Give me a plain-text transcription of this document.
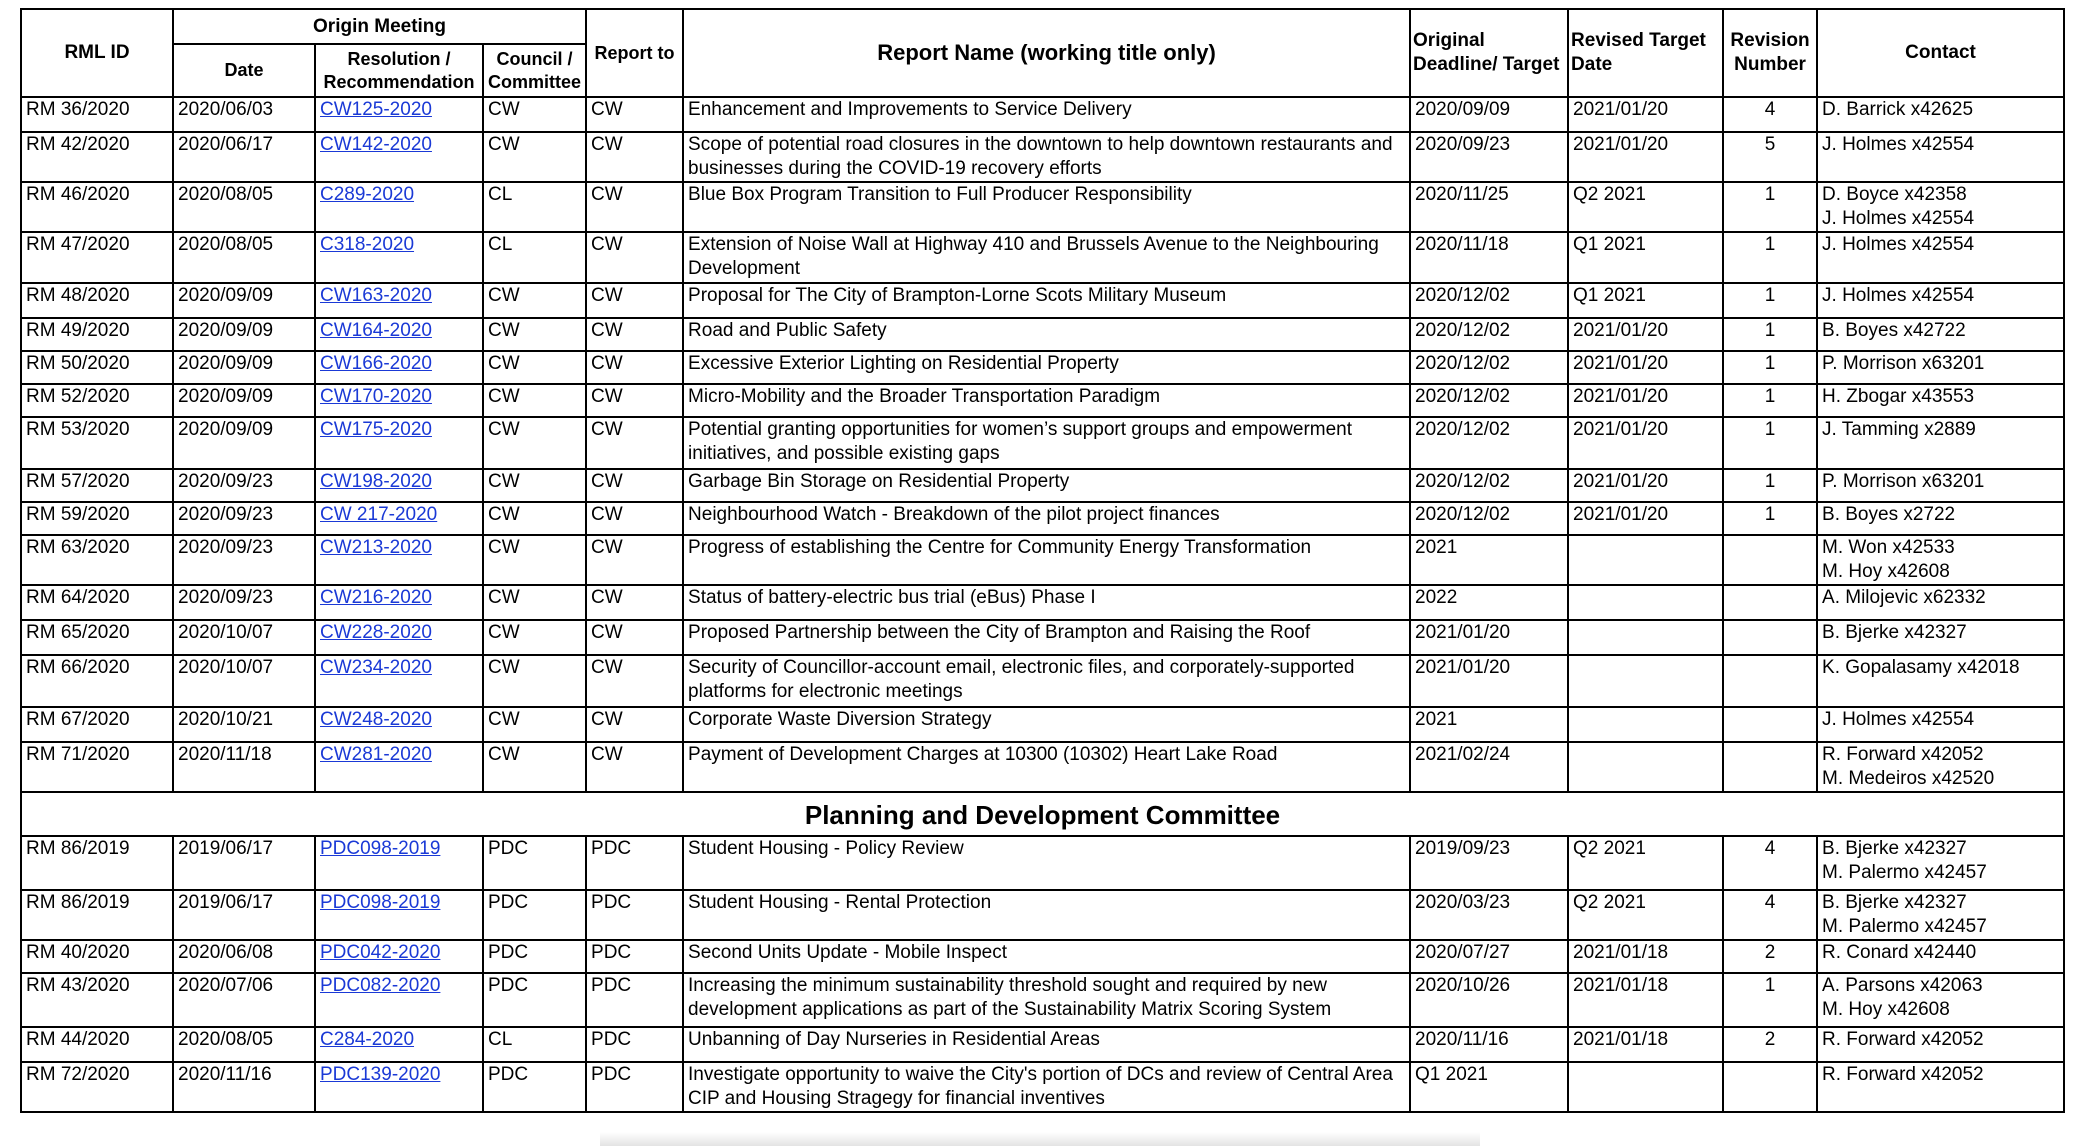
RML ID	Origin Meeting			Report to	Report Name (working title only)	Original Deadline/ Target	Revised Target Date	Revision Number	Contact
	Date	Resolution / Recommendation	Council / Committee						
RM 36/2020	2020/06/03	CW125-2020	CW	CW	Enhancement and Improvements to Service Delivery	2020/09/09	2021/01/20	4	D. Barrick x42625

RM 42/2020	2020/06/17	CW142-2020	CW	CW	Scope of potential road closures in the downtown to help downtown restaurants and businesses during the COVID-19 recovery efforts	2020/09/23	2021/01/20	5	J. Holmes x42554

RM 46/2020	2020/08/05	C289-2020	CL	CW	Blue Box Program Transition to Full Producer Responsibility	2020/11/25	Q2 2021	1	D. Boyce x42358
J. Holmes x42554

RM 47/2020	2020/08/05	C318-2020	CL	CW	Extension of Noise Wall at Highway 410 and Brussels Avenue to the Neighbouring Development	2020/11/18	Q1 2021	1	J. Holmes x42554

RM 48/2020	2020/09/09	CW163-2020	CW	CW	Proposal for The City of Brampton-Lorne Scots Military Museum	2020/12/02	Q1 2021	1	J. Holmes x42554

RM 49/2020	2020/09/09	CW164-2020	CW	CW	Road and Public Safety	2020/12/02	2021/01/20	1	B. Boyes x42722

RM 50/2020	2020/09/09	CW166-2020	CW	CW	Excessive Exterior Lighting on Residential Property	2020/12/02	2021/01/20	1	P. Morrison x63201

RM 52/2020	2020/09/09	CW170-2020	CW	CW	Micro-Mobility and the Broader Transportation Paradigm	2020/12/02	2021/01/20	1	H. Zbogar x43553

RM 53/2020	2020/09/09	CW175-2020	CW	CW	Potential granting opportunities for women’s support groups and empowerment initiatives, and possible existing gaps	2020/12/02	2021/01/20	1	J. Tamming x2889

RM 57/2020	2020/09/23	CW198-2020	CW	CW	Garbage Bin Storage on Residential Property	2020/12/02	2021/01/20	1	P. Morrison x63201

RM 59/2020	2020/09/23	CW 217-2020	CW	CW	Neighbourhood Watch - Breakdown of the pilot project finances	2020/12/02	2021/01/20	1	B. Boyes x2722

RM 63/2020	2020/09/23	CW213-2020	CW	CW	Progress of establishing the Centre for Community Energy Transformation	2021			M. Won x42533
M. Hoy x42608

RM 64/2020	2020/09/23	CW216-2020	CW	CW	Status of battery-electric bus trial (eBus) Phase I	2022			A. Milojevic x62332

RM 65/2020	2020/10/07	CW228-2020	CW	CW	Proposed Partnership between the City of Brampton and Raising the Roof	2021/01/20			B. Bjerke x42327

RM 66/2020	2020/10/07	CW234-2020	CW	CW	Security of Councillor-account email, electronic files, and corporately-supported platforms for electronic meetings	2021/01/20			K. Gopalasamy x42018

RM 67/2020	2020/10/21	CW248-2020	CW	CW	Corporate Waste Diversion Strategy	2021			J. Holmes x42554

RM 71/2020	2020/11/18	CW281-2020	CW	CW	Payment of Development Charges at 10300 (10302) Heart Lake Road	2021/02/24			R. Forward x42052
M. Medeiros x42520

Planning and Development Committee									
RM 86/2019	2019/06/17	PDC098-2019	PDC	PDC	Student Housing - Policy Review	2019/09/23	Q2 2021	4	B. Bjerke x42327
M. Palermo x42457

RM 86/2019	2019/06/17	PDC098-2019	PDC	PDC	Student Housing - Rental Protection	2020/03/23	Q2 2021	4	B. Bjerke x42327
M. Palermo x42457

RM 40/2020	2020/06/08	PDC042-2020	PDC	PDC	Second Units Update - Mobile Inspect	2020/07/27	2021/01/18	2	R. Conard x42440

RM 43/2020	2020/07/06	PDC082-2020	PDC	PDC	Increasing the minimum sustainability threshold sought and required by new development applications as part of the Sustainability Matrix Scoring System	2020/10/26	2021/01/18	1	A. Parsons x42063
M. Hoy x42608

RM 44/2020	2020/08/05	C284-2020	CL	PDC	Unbanning of Day Nurseries in Residential Areas	2020/11/16	2021/01/18	2	R. Forward x42052

RM 72/2020	2020/11/16	PDC139-2020	PDC	PDC	Investigate opportunity to waive the City's portion of DCs and review of Central Area CIP and Housing Stragegy for financial inventives	Q1 2021			R. Forward x42052
